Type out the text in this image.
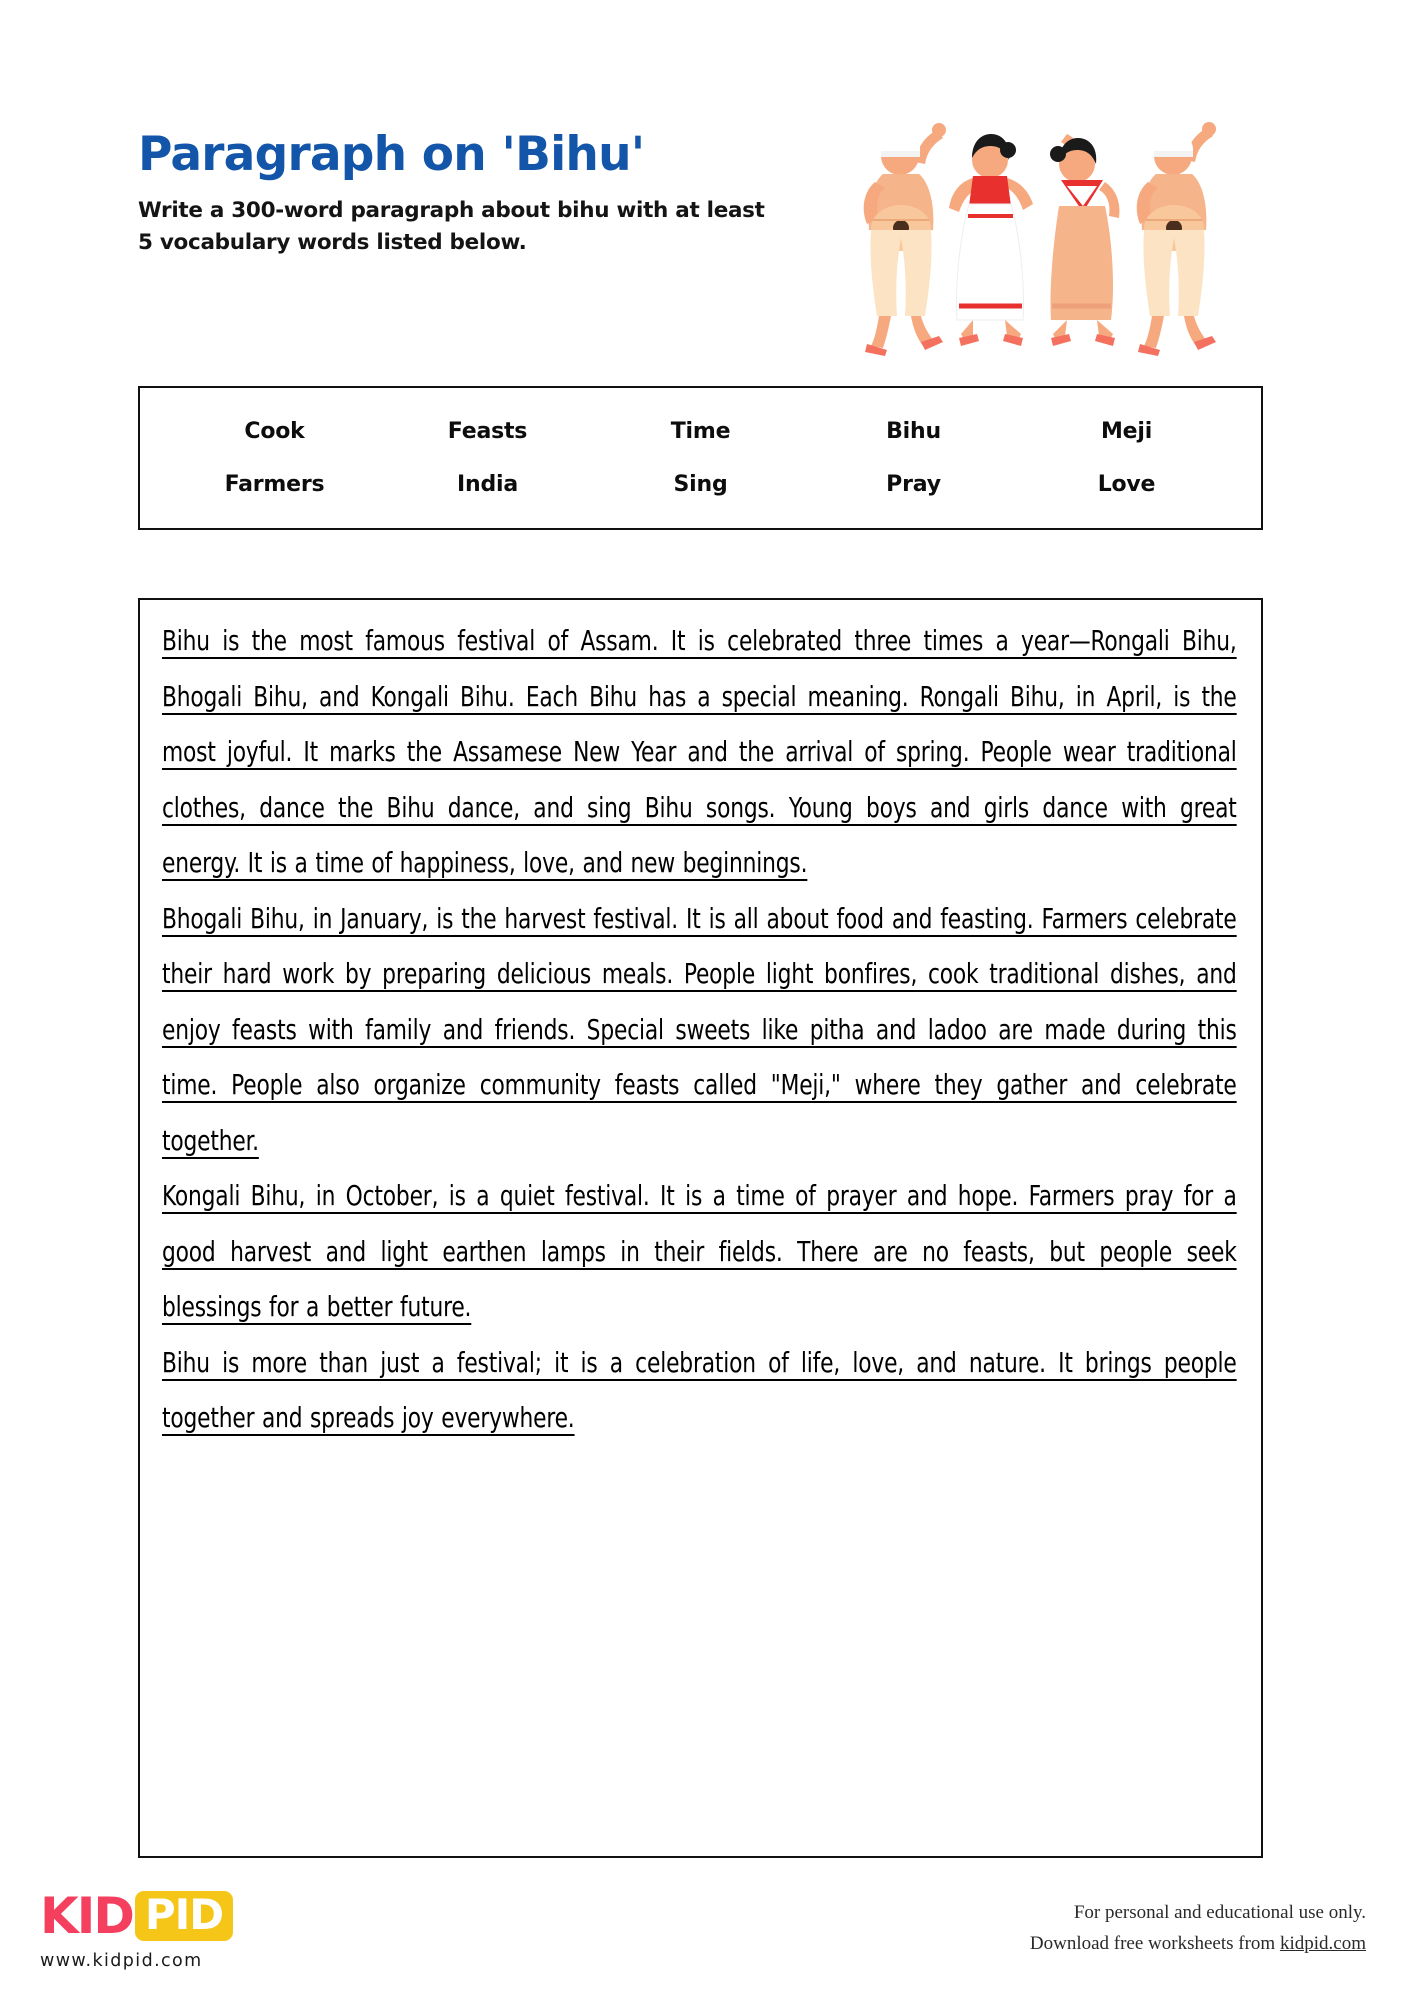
Paragraph on 'Bihu'

Write a 300-word paragraph about bihu with at least 5 vocabulary words listed below.

Cook	Feasts	Time	Bihu	Meji
Farmers	India	Sing	Pray	Love

Bihu is the most famous festival of Assam. It is celebrated three times a year—Rongali Bihu, Bhogali Bihu, and Kongali Bihu. Each Bihu has a special meaning. Rongali Bihu, in April, is the most joyful. It marks the Assamese New Year and the arrival of spring. People wear traditional clothes, dance the Bihu dance, and sing Bihu songs. Young boys and girls dance with great energy. It is a time of happiness, love, and new beginnings.

Bhogali Bihu, in January, is the harvest festival. It is all about food and feasting. Farmers celebrate their hard work by preparing delicious meals. People light bonfires, cook traditional dishes, and enjoy feasts with family and friends. Special sweets like pitha and ladoo are made during this time. People also organize community feasts called "Meji," where they gather and celebrate together.

Kongali Bihu, in October, is a quiet festival. It is a time of prayer and hope. Farmers pray for a good harvest and light earthen lamps in their fields. There are no feasts, but people seek blessings for a better future.

Bihu is more than just a festival; it is a celebration of life, love, and nature. It brings people together and spreads joy everywhere.

KID PID
www.kidpid.com
For personal and educational use only.
Download free worksheets from kidpid.com
